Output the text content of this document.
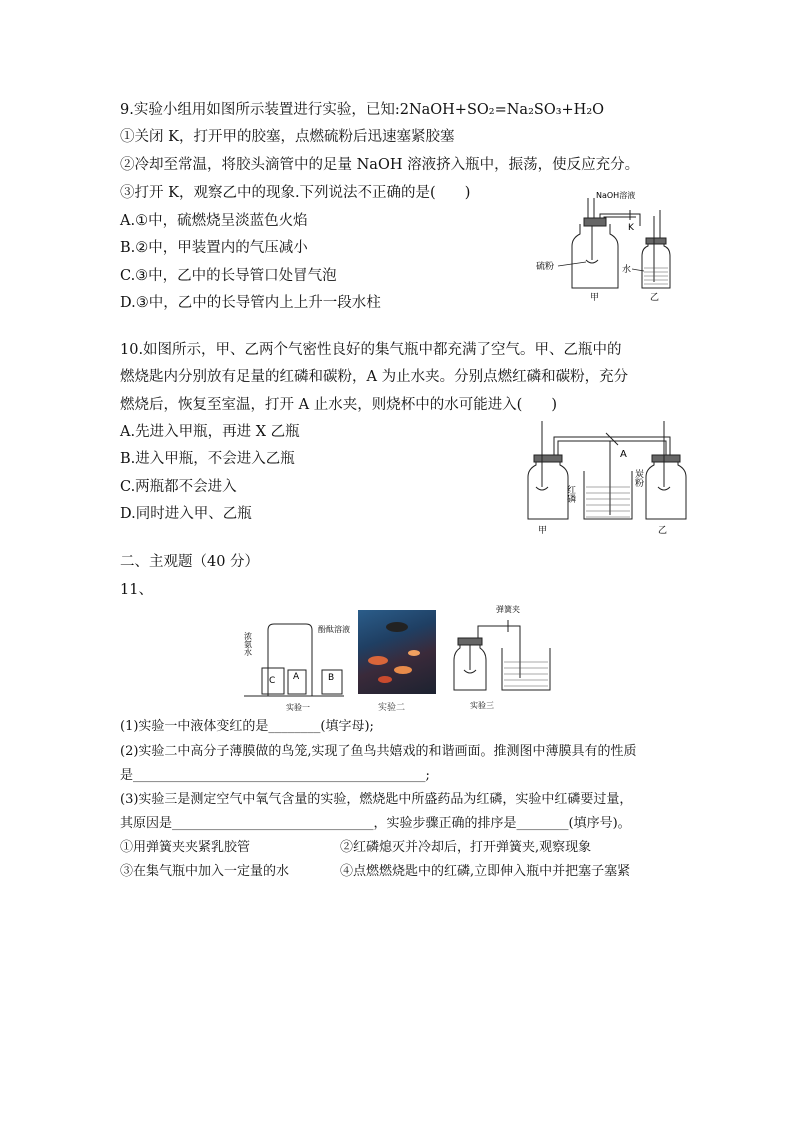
9.实验小组用如图所示装置进行实验，已知:2NaOH+SO₂=Na₂SO₃+H₂O
①关闭 K，打开甲的胶塞，点燃硫粉后迅速塞紧胶塞
②冷却至常温，将胶头滴管中的足量 NaOH 溶液挤入瓶中，振荡，使反应充分。
③打开 K，观察乙中的现象.下列说法不正确的是(　　)
A.①中，硫燃烧呈淡蓝色火焰
B.②中，甲装置内的气压减小
C.③中，乙中的长导管口处冒气泡
D.③中，乙中的长导管内上上升一段水柱
NaOH溶液
K
硫粉	水
甲	乙
10.如图所示，甲、乙两个气密性良好的集气瓶中都充满了空气。甲、乙瓶中的
燃烧匙内分别放有足量的红磷和碳粉，A 为止水夹。分别点燃红磷和碳粉，充分
燃烧后，恢复至室温，打开 A 止水夹，则烧杯中的水可能进入(　　)
A.先进入甲瓶，再进 X 乙瓶
B.进入甲瓶，不会进入乙瓶
C.两瓶都不会进入
D.同时进入甲、乙瓶
A
红磷
炭粉
甲	乙
二、主观题（40 分）
11、
C A	B
浓氨水
酚酞溶液
实验一	实验二
弹簧夹
实验三
(1)实验一中液体变红的是________(填字母);
(2)实验二中高分子薄膜做的鸟笼,实现了鱼鸟共嬉戏的和谐画面。推测图中薄膜具有的性质
是_____________________________________________;
(3)实验三是测定空气中氧气含量的实验，燃烧匙中所盛药品为红磷，实验中红磷要过量，
其原因是_______________________________，实验步骤正确的排序是________(填序号)。
①用弹簧夹夹紧乳胶管	②红磷熄灭并冷却后，打开弹簧夹,观察现象
③在集气瓶中加入一定量的水	④点燃燃烧匙中的红磷,立即伸入瓶中并把塞子塞紧
